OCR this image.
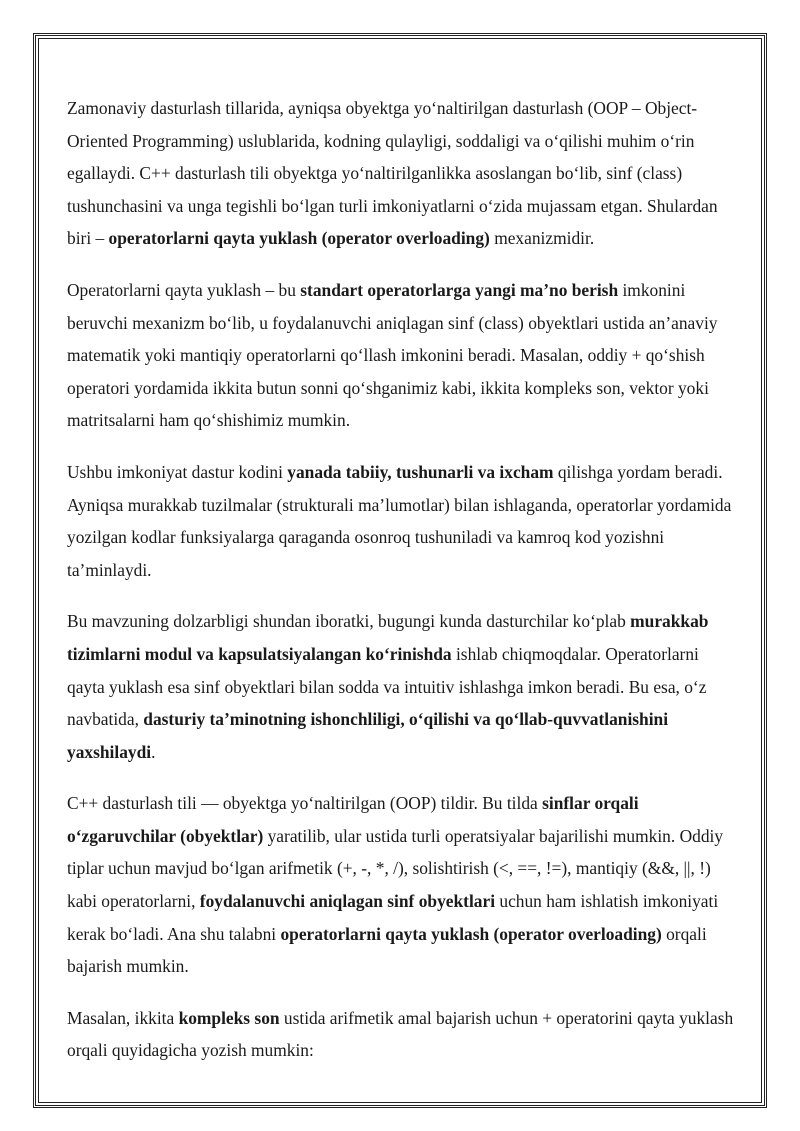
Zamonaviy dasturlash tillarida, ayniqsa obyektga yo‘naltirilgan dasturlash (OOP – Object-Oriented Programming) uslublarida, kodning qulayligi, soddaligi va o‘qilishi muhim o‘rin egallaydi. C++ dasturlash tili obyektga yo‘naltirilganlikka asoslangan bo‘lib, sinf (class) tushunchasini va unga tegishli bo‘lgan turli imkoniyatlarni o‘zida mujassam etgan. Shulardan biri – operatorlarni qayta yuklash (operator overloading) mexanizmidir.

Operatorlarni qayta yuklash – bu standart operatorlarga yangi ma’no berish imkonini beruvchi mexanizm bo‘lib, u foydalanuvchi aniqlagan sinf (class) obyektlari ustida an’anaviy matematik yoki mantiqiy operatorlarni qo‘llash imkonini beradi. Masalan, oddiy + qo‘shish operatori yordamida ikkita butun sonni qo‘shganimiz kabi, ikkita kompleks son, vektor yoki matritsalarni ham qo‘shishimiz mumkin.

Ushbu imkoniyat dastur kodini yanada tabiiy, tushunarli va ixcham qilishga yordam beradi. Ayniqsa murakkab tuzilmalar (strukturali ma’lumotlar) bilan ishlaganda, operatorlar yordamida yozilgan kodlar funksiyalarga qaraganda osonroq tushuniladi va kamroq kod yozishni ta’minlaydi.

Bu mavzuning dolzarbligi shundan iboratki, bugungi kunda dasturchilar ko‘plab murakkab tizimlarni modul va kapsulatsiyalangan ko‘rinishda ishlab chiqmoqdalar. Operatorlarni qayta yuklash esa sinf obyektlari bilan sodda va intuitiv ishlashga imkon beradi. Bu esa, o‘z navbatida, dasturiy ta’minotning ishonchliligi, o‘qilishi va qo‘llab-quvvatlanishini yaxshilaydi.

C++ dasturlash tili — obyektga yo‘naltirilgan (OOP) tildir. Bu tilda sinflar orqali o‘zgaruvchilar (obyektlar) yaratilib, ular ustida turli operatsiyalar bajarilishi mumkin. Oddiy tiplar uchun mavjud bo‘lgan arifmetik (+, -, *, /), solishtirish (<, ==, !=), mantiqiy (&&, ||, !) kabi operatorlarni, foydalanuvchi aniqlagan sinf obyektlari uchun ham ishlatish imkoniyati kerak bo‘ladi. Ana shu talabni operatorlarni qayta yuklash (operator overloading) orqali bajarish mumkin.

Masalan, ikkita kompleks son ustida arifmetik amal bajarish uchun + operatorini qayta yuklash orqali quyidagicha yozish mumkin:
